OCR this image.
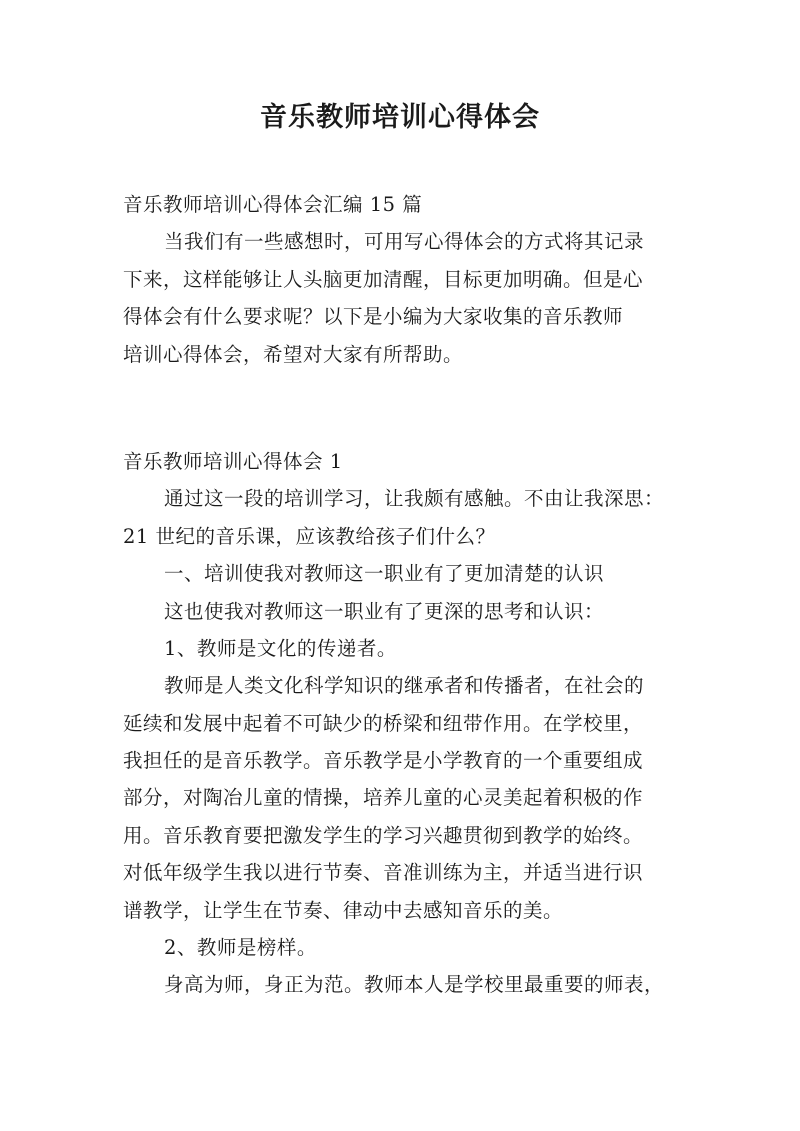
音乐教师培训心得体会
音乐教师培训心得体会汇编 15 篇
当我们有一些感想时，可用写心得体会的方式将其记录
下来，这样能够让人头脑更加清醒，目标更加明确。但是心
得体会有什么要求呢？以下是小编为大家收集的音乐教师
培训心得体会，希望对大家有所帮助。
音乐教师培训心得体会 1
通过这一段的培训学习，让我颇有感触。不由让我深思：
21 世纪的音乐课，应该教给孩子们什么？
一、培训使我对教师这一职业有了更加清楚的认识
这也使我对教师这一职业有了更深的思考和认识：
1、教师是文化的传递者。
教师是人类文化科学知识的继承者和传播者，在社会的
延续和发展中起着不可缺少的桥梁和纽带作用。在学校里，
我担任的是音乐教学。音乐教学是小学教育的一个重要组成
部分，对陶冶儿童的情操，培养儿童的心灵美起着积极的作
用。音乐教育要把激发学生的学习兴趣贯彻到教学的始终。
对低年级学生我以进行节奏、音准训练为主，并适当进行识
谱教学，让学生在节奏、律动中去感知音乐的美。
2、教师是榜样。
身高为师，身正为范。教师本人是学校里最重要的师表，
